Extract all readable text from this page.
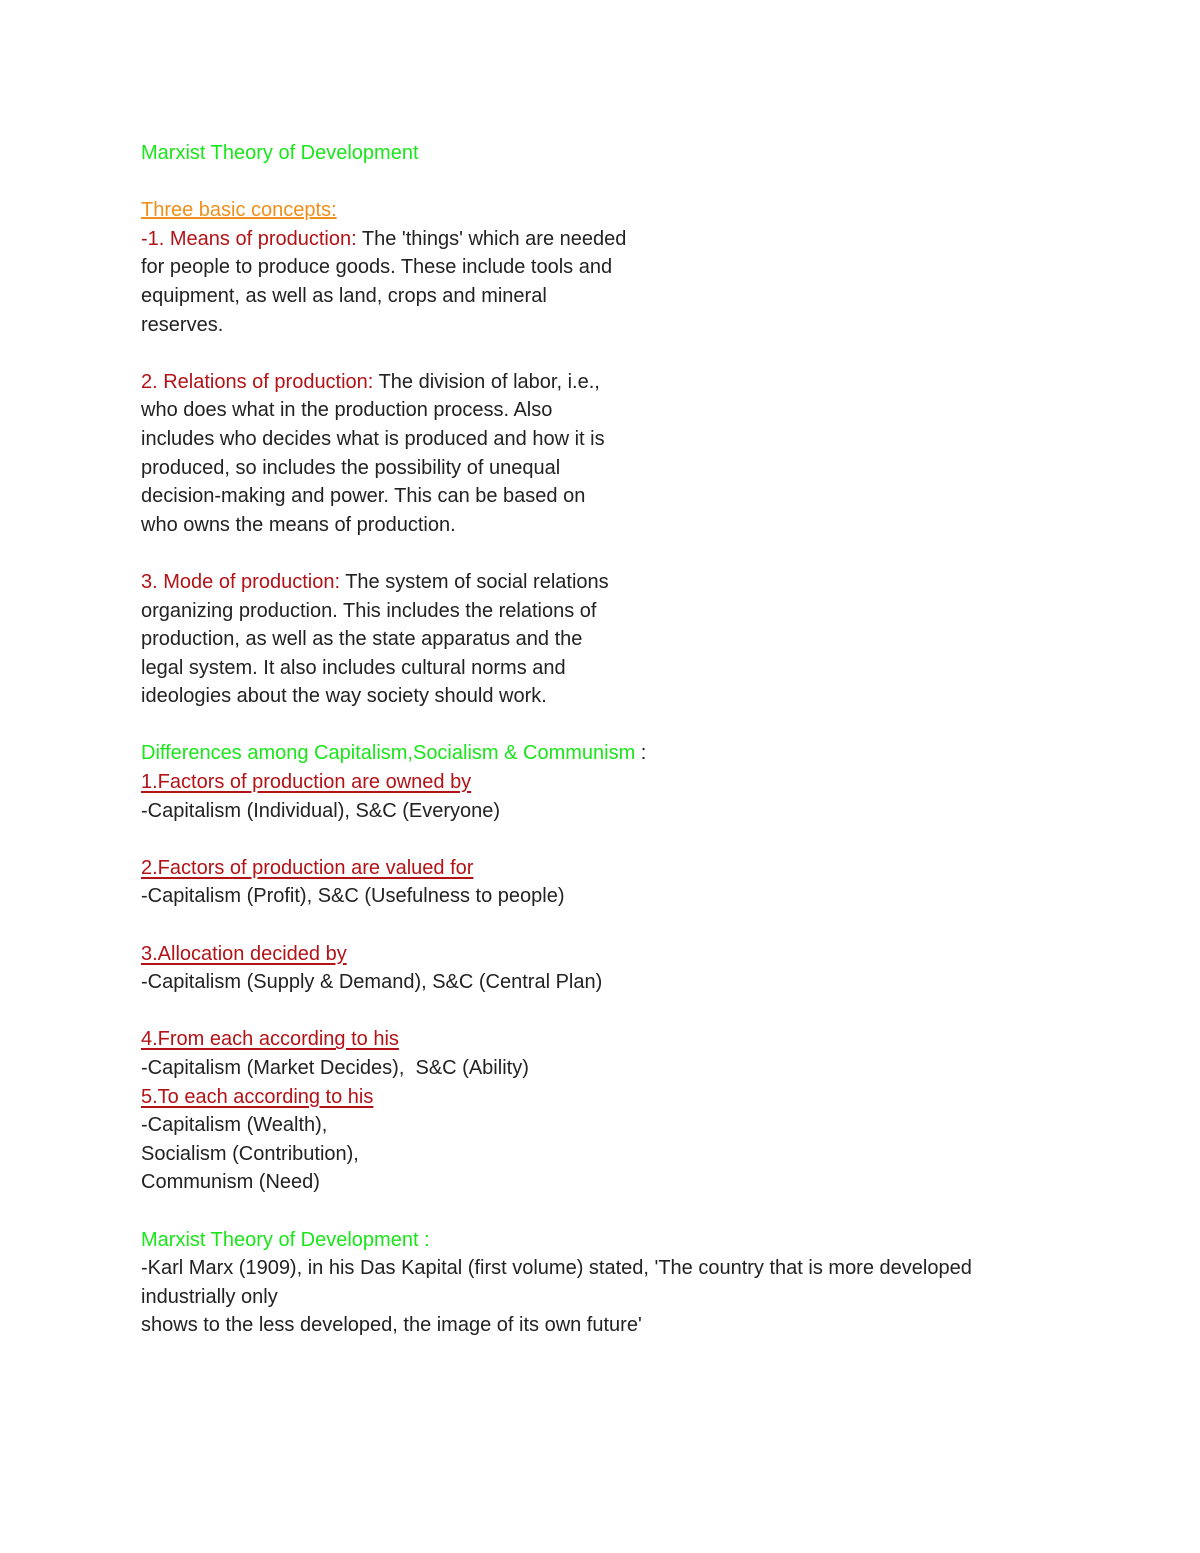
Marxist Theory of Development
Three basic concepts:
-1. Means of production: The 'things' which are needed
for people to produce goods. These include tools and
equipment, as well as land, crops and mineral
reserves.
2. Relations of production: The division of labor, i.e.,
who does what in the production process. Also
includes who decides what is produced and how it is
produced, so includes the possibility of unequal
decision-making and power. This can be based on
who owns the means of production.
3. Mode of production: The system of social relations
organizing production. This includes the relations of
production, as well as the state apparatus and the
legal system. It also includes cultural norms and
ideologies about the way society should work.
Differences among Capitalism,Socialism & Communism :
1.Factors of production are owned by
-Capitalism (Individual), S&C (Everyone)
2.Factors of production are valued for
-Capitalism (Profit), S&C (Usefulness to people)
3.Allocation decided by
-Capitalism (Supply & Demand), S&C (Central Plan)
4.From each according to his
-Capitalism (Market Decides),  S&C (Ability)
5.To each according to his
-Capitalism (Wealth),
Socialism (Contribution),
Communism (Need)
Marxist Theory of Development :
-Karl Marx (1909), in his Das Kapital (first volume) stated, 'The country that is more developed
industrially only
shows to the less developed, the image of its own future'
